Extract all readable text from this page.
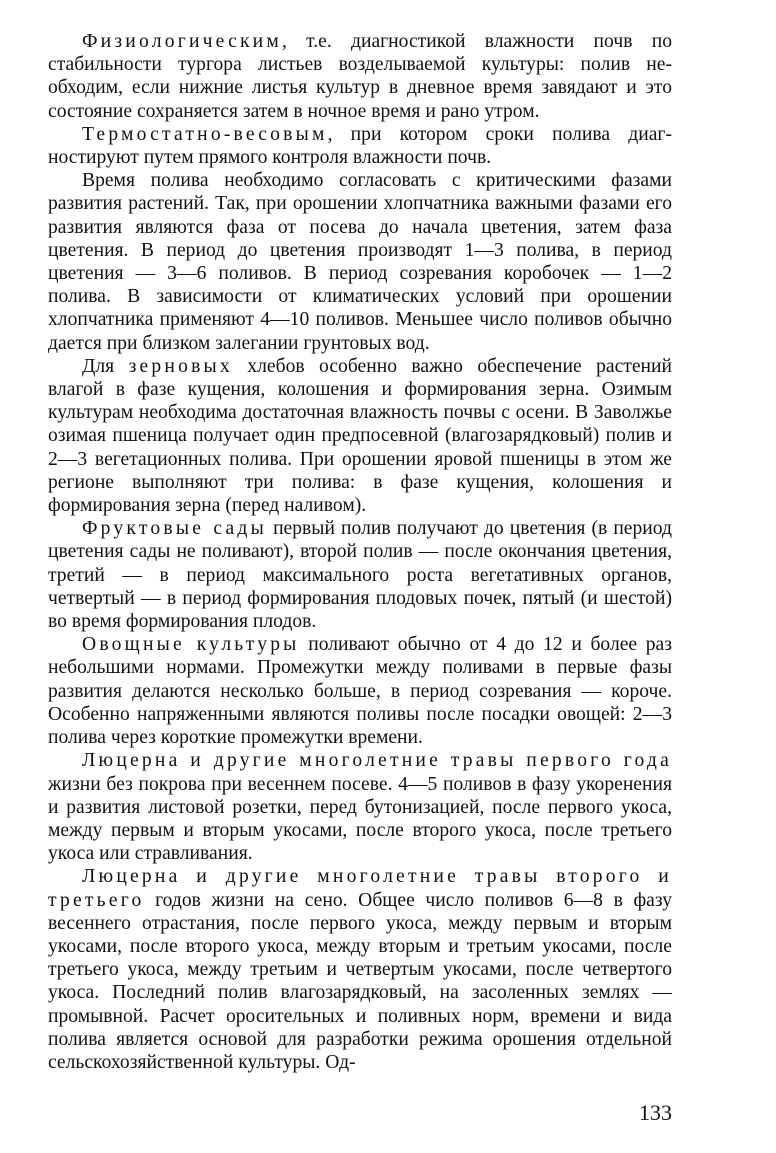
Физиологическим, т.е. диагностикой влажности почв по стабильности тургора листьев возделываемой культуры: полив необходим, если нижние листья культур в дневное время завядают и это состояние сохраняется затем в ночное время и рано утром.

Термостатно-весовым, при котором сроки полива диагностируют путем прямого контроля влажности почв.

Время полива необходимо согласовать с критическими фазами развития растений. Так, при орошении хлопчатника важными фазами его развития являются фаза от посева до начала цветения, затем фаза цветения. В период до цветения производят 1—3 полива, в период цветения — 3—6 поливов. В период созревания коробочек — 1—2 полива. В зависимости от климатических условий при орошении хлопчатника применяют 4—10 поливов. Меньшее число поливов обычно дается при близком залегании грунтовых вод.

Для зерновых хлебов особенно важно обеспечение растений влагой в фазе кущения, колошения и формирования зерна. Озимым культурам необходима достаточная влажность почвы с осени. В Заволжье озимая пшеница получает один предпосевной (влагозарядковый) полив и 2—3 вегетационных полива. При орошении яровой пшеницы в этом же регионе выполняют три полива: в фазе кущения, колошения и формирования зерна (перед наливом).

Фруктовые сады первый полив получают до цветения (в период цветения сады не поливают), второй полив — после окончания цветения, третий — в период максимального роста вегетативных органов, четвертый — в период формирования плодовых почек, пятый (и шестой) во время формирования плодов.

Овощные культуры поливают обычно от 4 до 12 и более раз небольшими нормами. Промежутки между поливами в первые фазы развития делаются несколько больше, в период созревания — короче. Особенно напряженными являются поливы после посадки овощей: 2—3 полива через короткие промежутки времени.

Люцерна и другие многолетние травы первого года жизни без покрова при весеннем посеве. 4—5 поливов в фазу укоренения и развития листовой розетки, перед бутонизацией, после первого укоса, между первым и вторым укосами, после второго укоса, после третьего укоса или стравливания.

Люцерна и другие многолетние травы второго и третьего годов жизни на сено. Общее число поливов 6—8 в фазу весеннего отрастания, после первого укоса, между первым и вторым укосами, после второго укоса, между вторым и третьим укосами, после третьего укоса, между третьим и четвертым укосами, после четвертого укоса. Последний полив влагозарядковый, на засоленных землях — промывной. Расчет оросительных и поливных норм, времени и вида полива является основой для разработки режима орошения отдельной сельскохозяйственной культуры. Од-

133
